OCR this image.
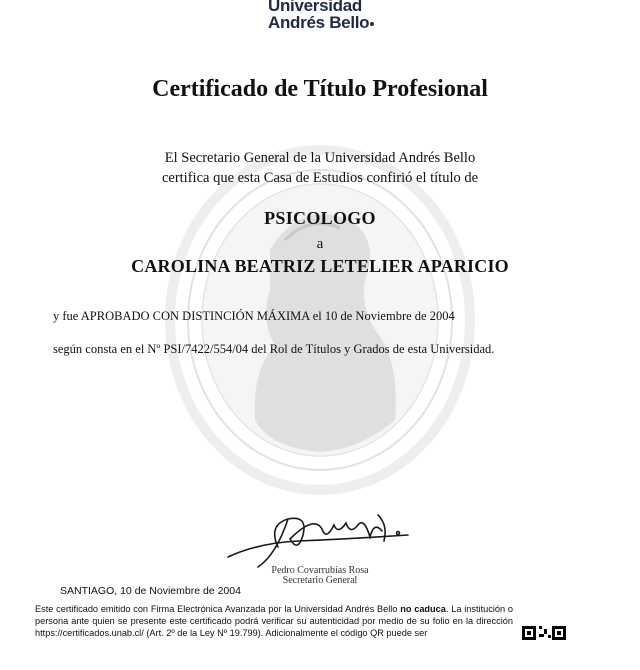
Universidad
Andrés Bello
Certificado de Título Profesional
El Secretario General de la Universidad Andrés Bello
certifica que esta Casa de Estudios confirió el título de
PSICOLOGO
a
CAROLINA BEATRIZ LETELIER APARICIO
y fue APROBADO CON DISTINCIÓN MÁXIMA el 10 de Noviembre de 2004
según consta en el Nº PSI/7422/554/04 del Rol de Títulos y Grados de esta Universidad.
Pedro Covarrubias Rosa
Secretario General
SANTIAGO, 10 de Noviembre de 2004
Este certificado emitido con Firma Electrónica Avanzada por la Universidad Andrés Bello no caduca. La institución o persona ante quien se presente este certificado podrá verificar su autenticidad por medio de su folio en la dirección https://certificados.unab.cl/ (Art. 2º de la Ley Nº 19.799). Adicionalmente el código QR puede ser
